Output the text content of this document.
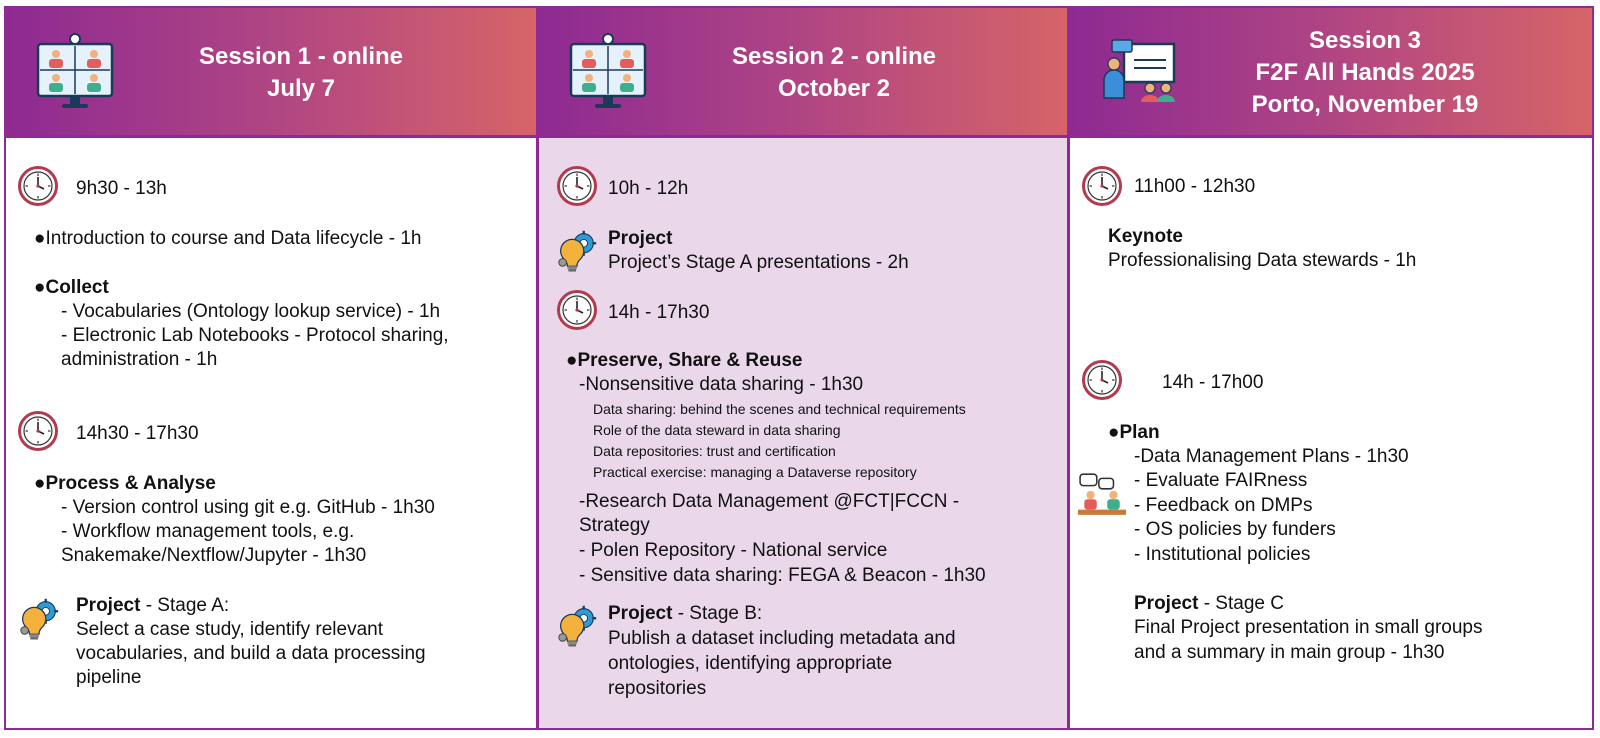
Session 1 - online
July 7
9h30 - 13h
●Introduction to course and Data lifecycle - 1h
●Collect
- Vocabularies (Ontology lookup service) - 1h
- Electronic Lab Notebooks - Protocol sharing,
administration - 1h
14h30 - 17h30
●Process & Analyse
- Version control using git e.g. GitHub - 1h30
- Workflow management tools, e.g.
Snakemake/Nextflow/Jupyter - 1h30
Project - Stage A:
Select a case study, identify relevant
vocabularies, and build a data processing
pipeline
Session 2 - online
October 2
10h - 12h
Project
Project’s Stage A presentations - 2h
14h - 17h30
●Preserve, Share & Reuse
-Nonsensitive data sharing - 1h30
Data sharing: behind the scenes and technical requirements
Role of the data steward in data sharing
Data repositories: trust and certification
Practical exercise: managing a Dataverse repository
-Research Data Management @FCT|FCCN -
Strategy
- Polen Repository - National service
- Sensitive data sharing: FEGA & Beacon - 1h30
Project - Stage B:
Publish a dataset including metadata and
ontologies, identifying appropriate
repositories
Session 3
F2F All Hands 2025
Porto, November 19
11h00 - 12h30
Keynote
Professionalising Data stewards - 1h
14h - 17h00
●Plan
-Data Management Plans - 1h30
- Evaluate FAIRness
- Feedback on DMPs
- OS policies by funders
- Institutional policies
Project - Stage C
Final Project presentation in small groups
and a summary in main group - 1h30
